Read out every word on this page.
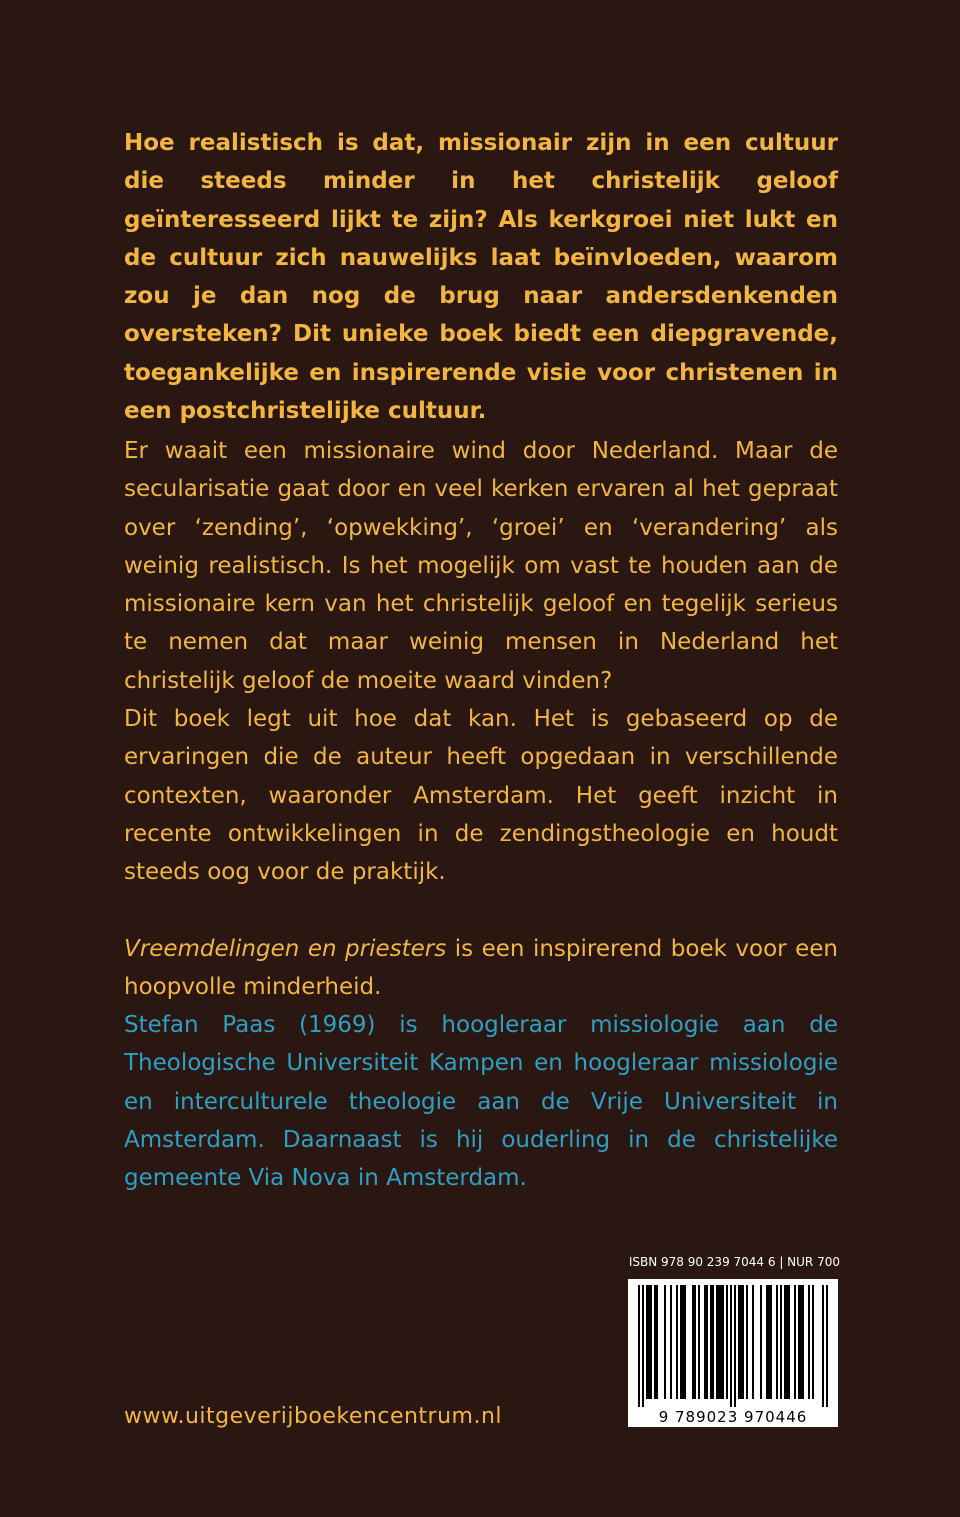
Hoe realistisch is dat, missionair zijn in een cultuur die steeds minder in het christelijk geloof geïnteresseerd lijkt te zijn? Als kerkgroei niet lukt en de cultuur zich nauwelijks laat beïnvloeden, waarom zou je dan nog de brug naar andersdenkenden oversteken? Dit unieke boek biedt een diepgravende, toegankelijke en inspirerende visie voor christenen in een postchristelijke cultuur.

Er waait een missionaire wind door Nederland. Maar de secularisatie gaat door en veel kerken ervaren al het gepraat over ‘zending’, ‘opwekking’, ‘groei’ en ‘verandering’ als weinig realistisch. Is het mogelijk om vast te houden aan de missionaire kern van het christelijk geloof en tegelijk serieus te nemen dat maar weinig mensen in Nederland het christelijk geloof de moeite waard vinden?

Dit boek legt uit hoe dat kan. Het is gebaseerd op de ervaringen die de auteur heeft opgedaan in verschillende contexten, waaronder Amsterdam. Het geeft inzicht in recente ontwikkelingen in de zendingstheologie en houdt steeds oog voor de praktijk.

Vreemdelingen en priesters is een inspirerend boek voor een hoopvolle minderheid.

Stefan Paas (1969) is hoogleraar missiologie aan de Theologische Universiteit Kampen en hoogleraar missiologie en interculturele theologie aan de Vrije Universiteit in Amsterdam. Daarnaast is hij ouderling in de christelijke gemeente Via Nova in Amsterdam.

ISBN 978 90 239 7044 6 | NUR 700
9 789023 970446
www.uitgeverijboekencentrum.nl
